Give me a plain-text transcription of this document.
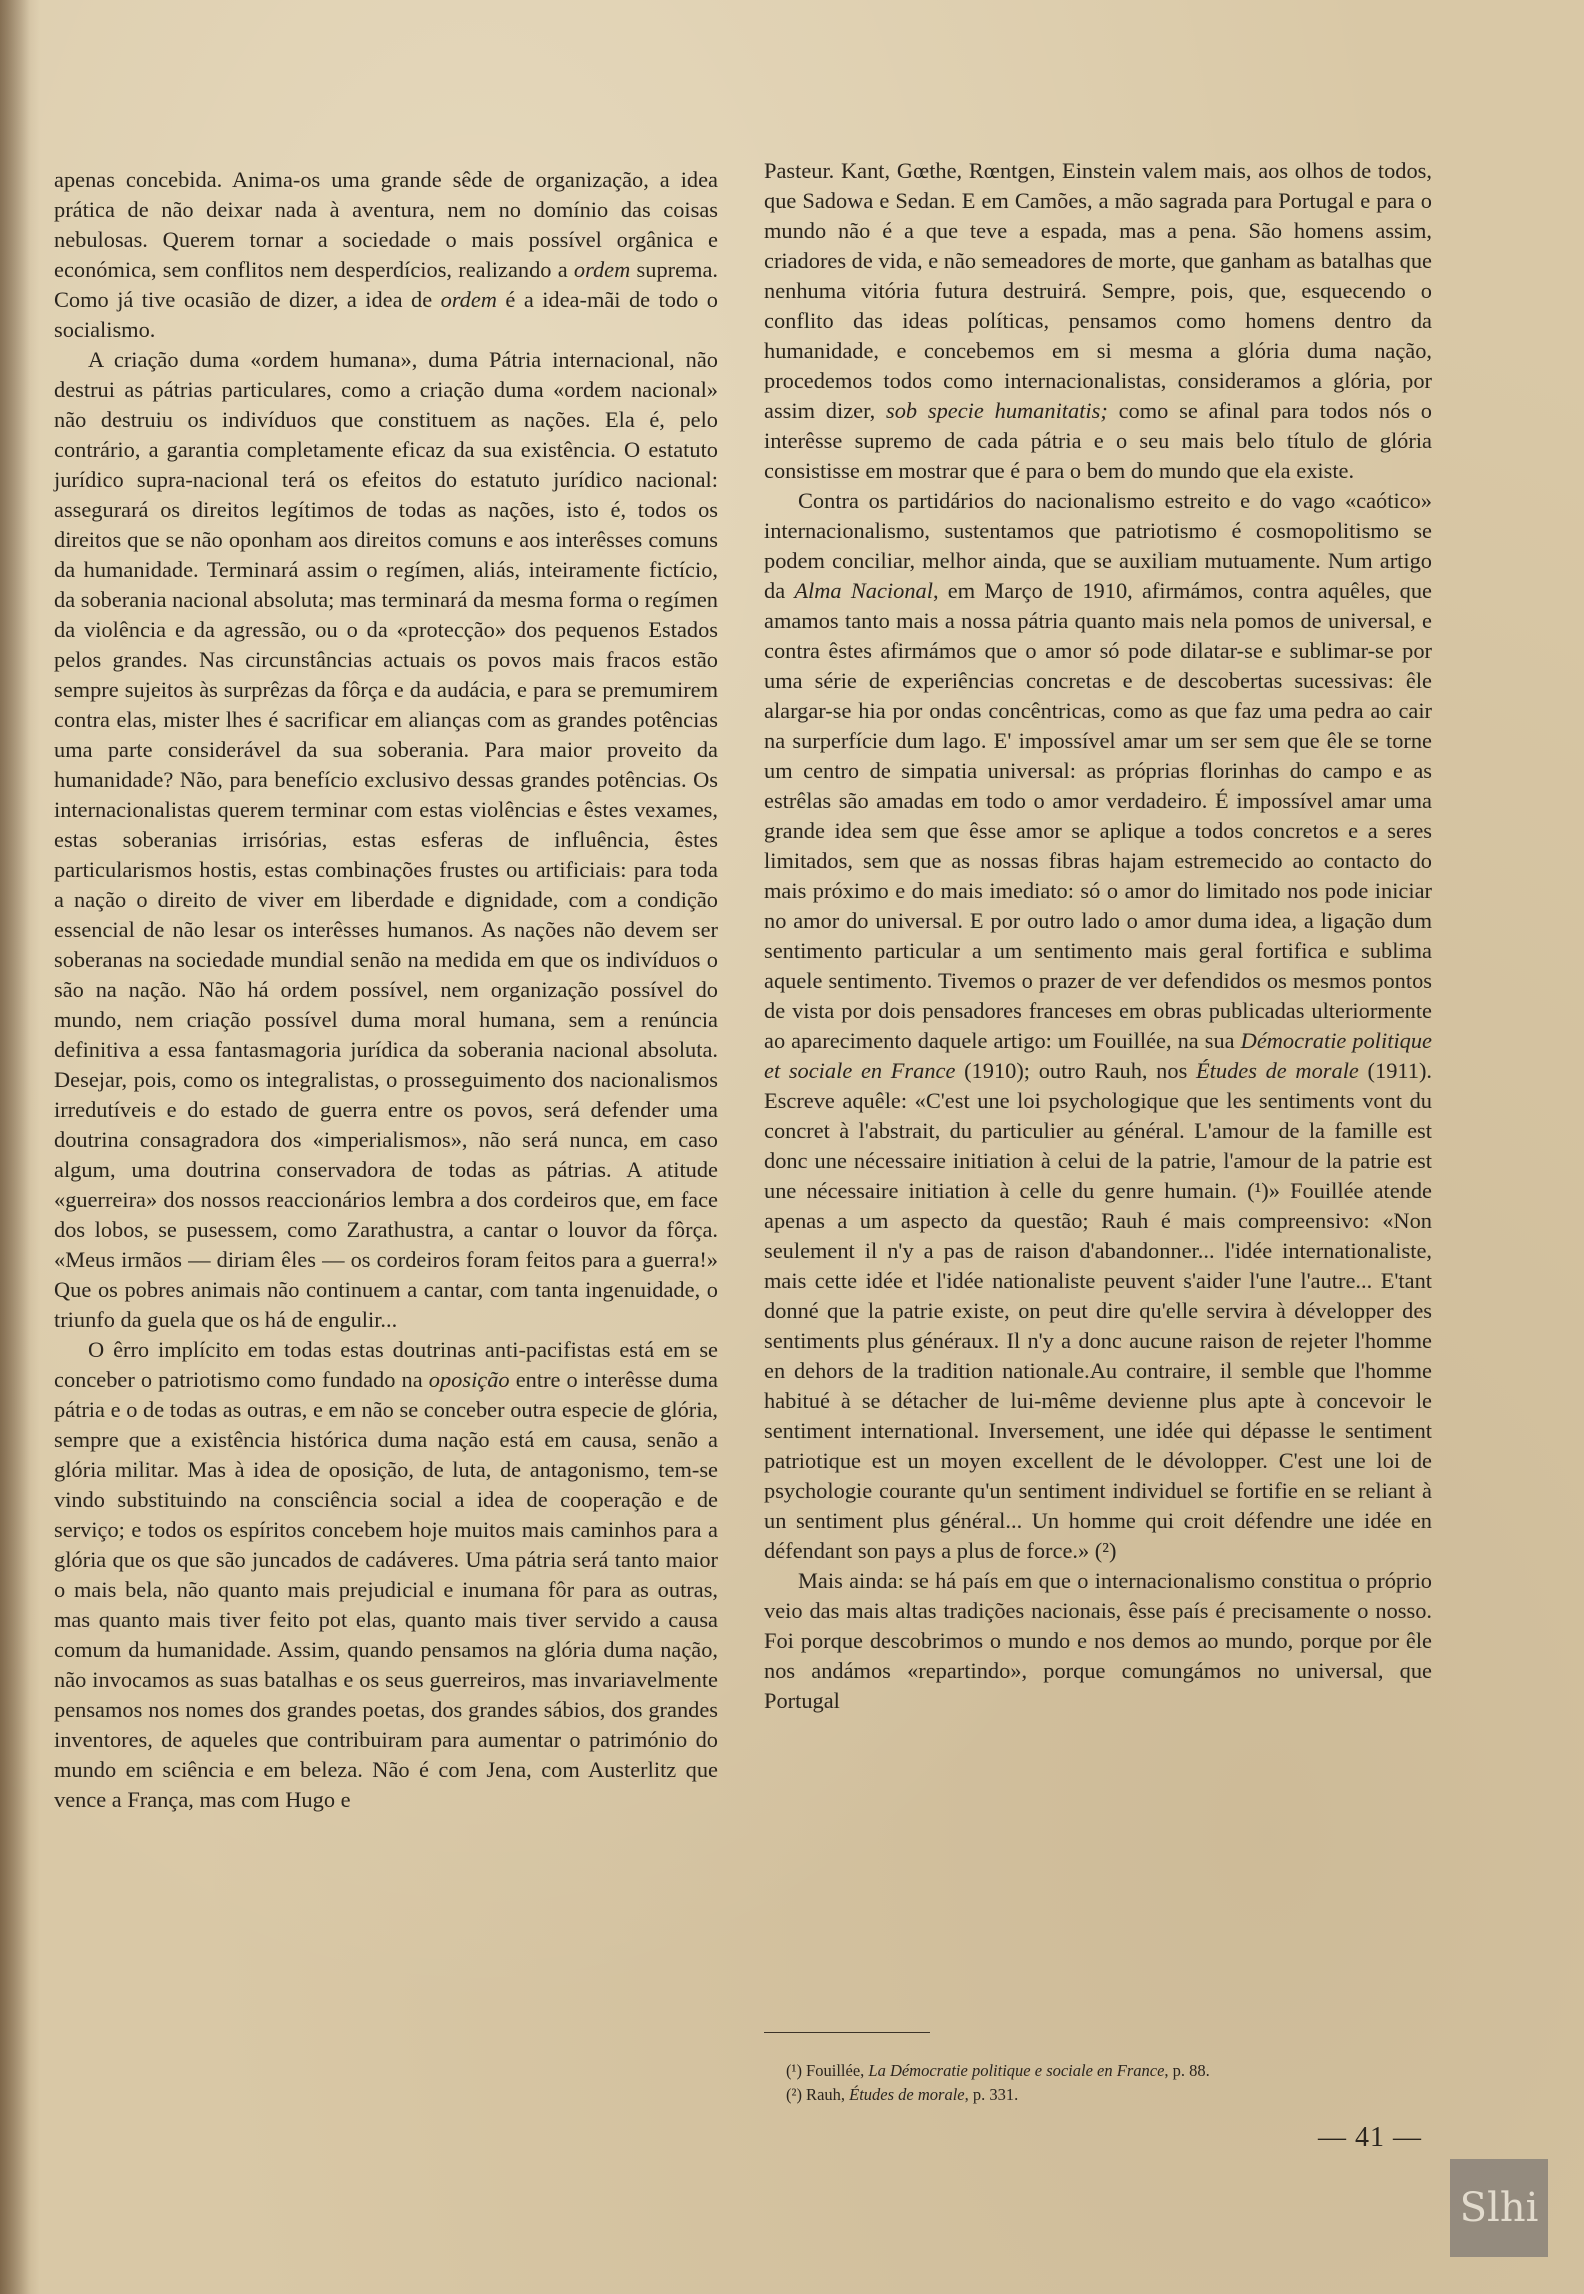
apenas concebida. Anima-os uma grande sêde de organização, a idea prática de não deixar nada à aventura, nem no domínio das coisas nebulosas. Querem tornar a sociedade o mais possível orgânica e económica, sem conflitos nem desperdícios, realizando a ordem suprema. Como já tive ocasião de dizer, a idea de ordem é a idea-mãi de todo o socialismo.

A criação duma «ordem humana», duma Pátria internacional, não destrui as pátrias particulares, como a criação duma «ordem nacional» não destruiu os indivíduos que constituem as nações. Ela é, pelo contrário, a garantia completamente eficaz da sua existência. O estatuto jurídico supra-nacional terá os efeitos do estatuto jurídico nacional: assegurará os direitos legítimos de todas as nações, isto é, todos os direitos que se não oponham aos direitos comuns e aos interêsses comuns da humanidade. Terminará assim o regímen, aliás, inteiramente fictício, da soberania nacional absoluta; mas terminará da mesma forma o regímen da violência e da agressão, ou o da «protecção» dos pequenos Estados pelos grandes. Nas circunstâncias actuais os povos mais fracos estão sempre sujeitos às surprêzas da fôrça e da audácia, e para se premumirem contra elas, mister lhes é sacrificar em alianças com as grandes potências uma parte considerável da sua soberania. Para maior proveito da humanidade? Não, para benefício exclusivo dessas grandes potências. Os internacionalistas querem terminar com estas violências e êstes vexames, estas soberanias irrisórias, estas esferas de influência, êstes particularismos hostis, estas combinações frustes ou artificiais: para toda a nação o direito de viver em liberdade e dignidade, com a condição essencial de não lesar os interêsses humanos. As nações não devem ser soberanas na sociedade mundial senão na medida em que os indivíduos o são na nação. Não há ordem possível, nem organização possível do mundo, nem criação possível duma moral humana, sem a renúncia definitiva a essa fantasmagoria jurídica da soberania nacional absoluta. Desejar, pois, como os integralistas, o prosseguimento dos nacionalismos irredutíveis e do estado de guerra entre os povos, será defender uma doutrina consagradora dos «imperialismos», não será nunca, em caso algum, uma doutrina conservadora de todas as pátrias. A atitude «guerreira» dos nossos reaccionários lembra a dos cordeiros que, em face dos lobos, se pusessem, como Zarathustra, a cantar o louvor da fôrça. «Meus irmãos — diriam êles — os cordeiros foram feitos para a guerra!» Que os pobres animais não continuem a cantar, com tanta ingenuidade, o triunfo da guela que os há de engulir...

O êrro implícito em todas estas doutrinas anti-pacifistas está em se conceber o patriotismo como fundado na oposição entre o interêsse duma pátria e o de todas as outras, e em não se conceber outra especie de glória, sempre que a existência histórica duma nação está em causa, senão a glória militar. Mas à idea de oposição, de luta, de antagonismo, tem-se vindo substituindo na consciência social a idea de cooperação e de serviço; e todos os espíritos concebem hoje muitos mais caminhos para a glória que os que são juncados de cadáveres. Uma pátria será tanto maior o mais bela, não quanto mais prejudicial e inumana fôr para as outras, mas quanto mais tiver feito pot elas, quanto mais tiver servido a causa comum da humanidade. Assim, quando pensamos na glória duma nação, não invocamos as suas batalhas e os seus guerreiros, mas invariavelmente pensamos nos nomes dos grandes poetas, dos grandes sábios, dos grandes inventores, de aqueles que contribuiram para aumentar o património do mundo em sciência e em beleza. Não é com Jena, com Austerlitz que vence a França, mas com Hugo e

Pasteur. Kant, Gœthe, Rœntgen, Einstein valem mais, aos olhos de todos, que Sadowa e Sedan. E em Camões, a mão sagrada para Portugal e para o mundo não é a que teve a espada, mas a pena. São homens assim, criadores de vida, e não semeadores de morte, que ganham as batalhas que nenhuma vitória futura destruirá. Sempre, pois, que, esquecendo o conflito das ideas políticas, pensamos como homens dentro da humanidade, e concebemos em si mesma a glória duma nação, procedemos todos como internacionalistas, consideramos a glória, por assim dizer, sob specie humanitatis; como se afinal para todos nós o interêsse supremo de cada pátria e o seu mais belo título de glória consistisse em mostrar que é para o bem do mundo que ela existe.

Contra os partidários do nacionalismo estreito e do vago «caótico» internacionalismo, sustentamos que patriotismo é cosmopolitismo se podem conciliar, melhor ainda, que se auxiliam mutuamente. Num artigo da Alma Nacional, em Março de 1910, afirmámos, contra aquêles, que amamos tanto mais a nossa pátria quanto mais nela pomos de universal, e contra êstes afirmámos que o amor só pode dilatar-se e sublimar-se por uma série de experiências concretas e de descobertas sucessivas: êle alargar-se hia por ondas concêntricas, como as que faz uma pedra ao cair na surperfície dum lago. E' impossível amar um ser sem que êle se torne um centro de simpatia universal: as próprias florinhas do campo e as estrêlas são amadas em todo o amor verdadeiro. É impossível amar uma grande idea sem que êsse amor se aplique a todos concretos e a seres limitados, sem que as nossas fibras hajam estremecido ao contacto do mais próximo e do mais imediato: só o amor do limitado nos pode iniciar no amor do universal. E por outro lado o amor duma idea, a ligação dum sentimento particular a um sentimento mais geral fortifica e sublima aquele sentimento. Tivemos o prazer de ver defendidos os mesmos pontos de vista por dois pensadores franceses em obras publicadas ulteriormente ao aparecimento daquele artigo: um Fouillée, na sua Démocratie politique et sociale en France (1910); outro Rauh, nos Études de morale (1911). Escreve aquêle: «C'est une loi psychologique que les sentiments vont du concret à l'abstrait, du particulier au général. L'amour de la famille est donc une nécessaire initiation à celui de la patrie, l'amour de la patrie est une nécessaire initiation à celle du genre humain. (¹)» Fouillée atende apenas a um aspecto da questão; Rauh é mais compreensivo: «Non seulement il n'y a pas de raison d'abandonner... l'idée internationaliste, mais cette idée et l'idée nationaliste peuvent s'aider l'une l'autre... E'tant donné que la patrie existe, on peut dire qu'elle servira à développer des sentiments plus généraux. Il n'y a donc aucune raison de rejeter l'homme en dehors de la tradition nationale.Au contraire, il semble que l'homme habitué à se détacher de lui-même devienne plus apte à concevoir le sentiment international. Inversement, une idée qui dépasse le sentiment patriotique est un moyen excellent de le dévolopper. C'est une loi de psychologie courante qu'un sentiment individuel se fortifie en se reliant à un sentiment plus général... Un homme qui croit défendre une idée en défendant son pays a plus de force.» (²)

Mais ainda: se há país em que o internacionalismo constitua o próprio veio das mais altas tradições nacionais, êsse país é precisamente o nosso. Foi porque descobrimos o mundo e nos demos ao mundo, porque por êle nos andámos «repartindo», porque comungámos no universal, que Portugal

(¹) Fouillée, La Démocratie politique e sociale en France, p. 88.

(²) Rauh, Études de morale, p. 331.

— 41 —
Slhi
